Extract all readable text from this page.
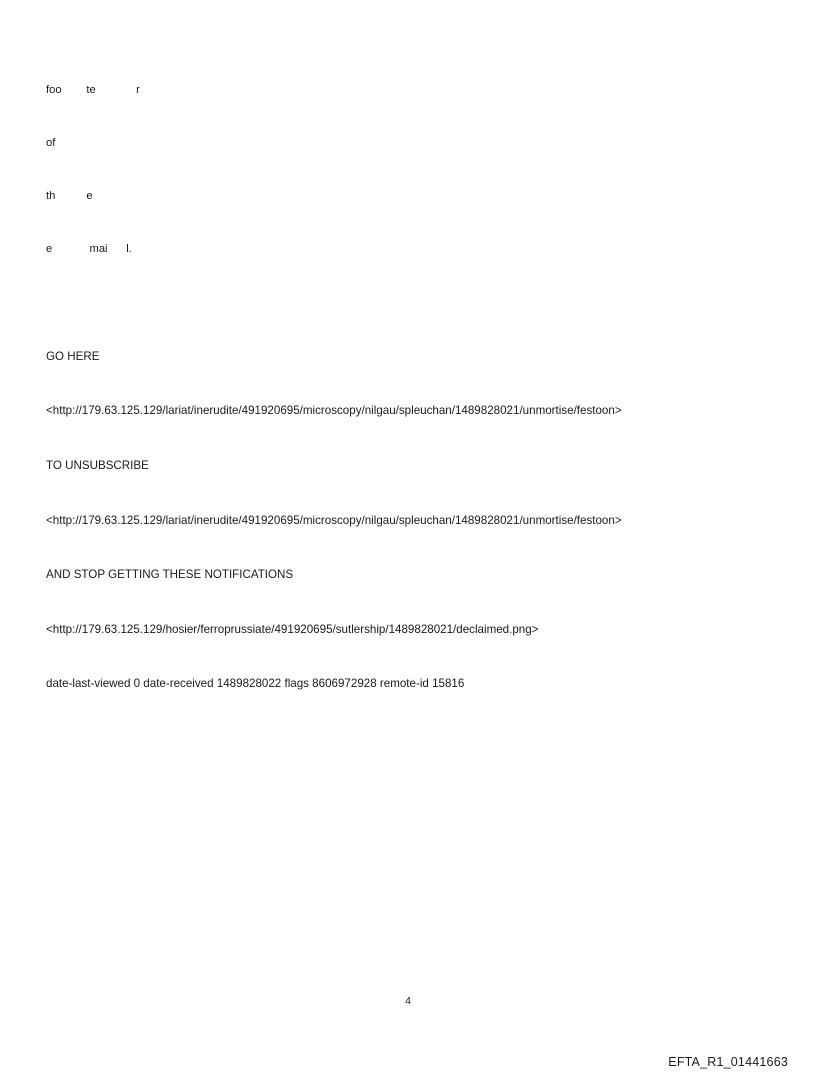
foo        te             r

of

th          e

e            mai      l.

GO HERE

<http://179.63.125.129/lariat/inerudite/491920695/microscopy/nilgau/spleuchan/1489828021/unmortise/festoon>

TO UNSUBSCRIBE

<http://179.63.125.129/lariat/inerudite/491920695/microscopy/nilgau/spleuchan/1489828021/unmortise/festoon>

AND STOP GETTING THESE NOTIFICATIONS

<http://179.63.125.129/hosier/ferroprussiate/491920695/sutlership/1489828021/declaimed.png>

date-last-viewed 0 date-received 1489828022 flags 8606972928 remote-id 15816

4
EFTA_R1_01441663
